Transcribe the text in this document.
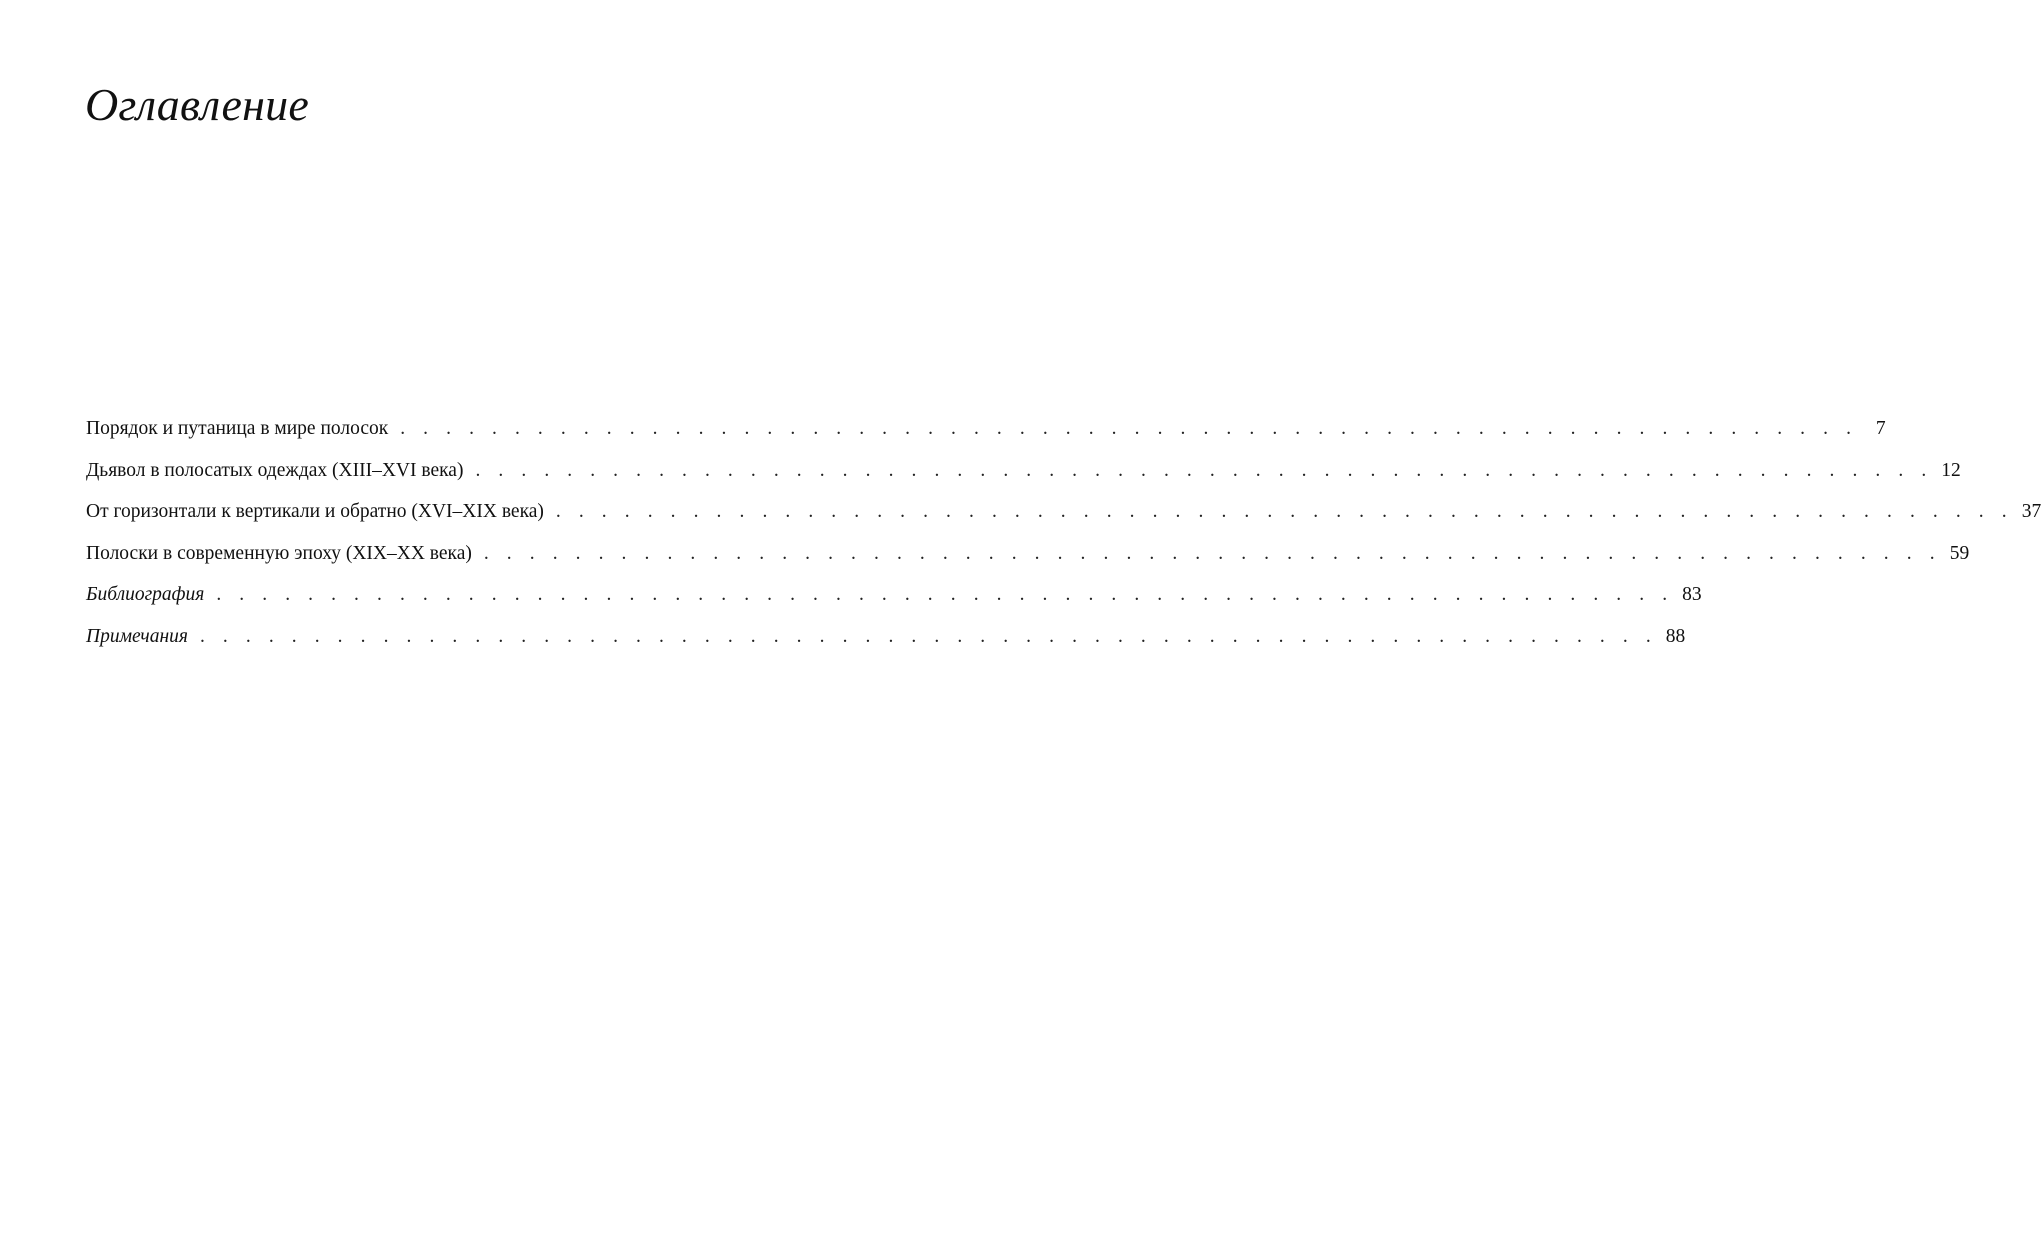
Оглавление
Порядок и путаница в мире полосок . . . . . . . . . . . . . . . . . . . . . . . . . . . . . . . . . . . . . . . . . . . . . . . . . . . . . . . . . . . . . . . . 7
Дьявол в полосатых одеждах (XIII–XVI века) . . . . . . . . . . . . . . . . . . . . . . . . . . . . . . . . . . . . . . . . . . . . . . . . . . . . . . . . . . . . . . . . 12
От горизонтали к вертикали и обратно (XVI–XIX века) . . . . . . . . . . . . . . . . . . . . . . . . . . . . . . . . . . . . . . . . . . . . . . . . . . . . . . . . . . . . . . . . 37
Полоски в современную эпоху (XIX–XX века) . . . . . . . . . . . . . . . . . . . . . . . . . . . . . . . . . . . . . . . . . . . . . . . . . . . . . . . . . . . . . . . . 59
Библиография . . . . . . . . . . . . . . . . . . . . . . . . . . . . . . . . . . . . . . . . . . . . . . . . . . . . . . . . . . . . . . . . 83
Примечания . . . . . . . . . . . . . . . . . . . . . . . . . . . . . . . . . . . . . . . . . . . . . . . . . . . . . . . . . . . . . . . . 88
